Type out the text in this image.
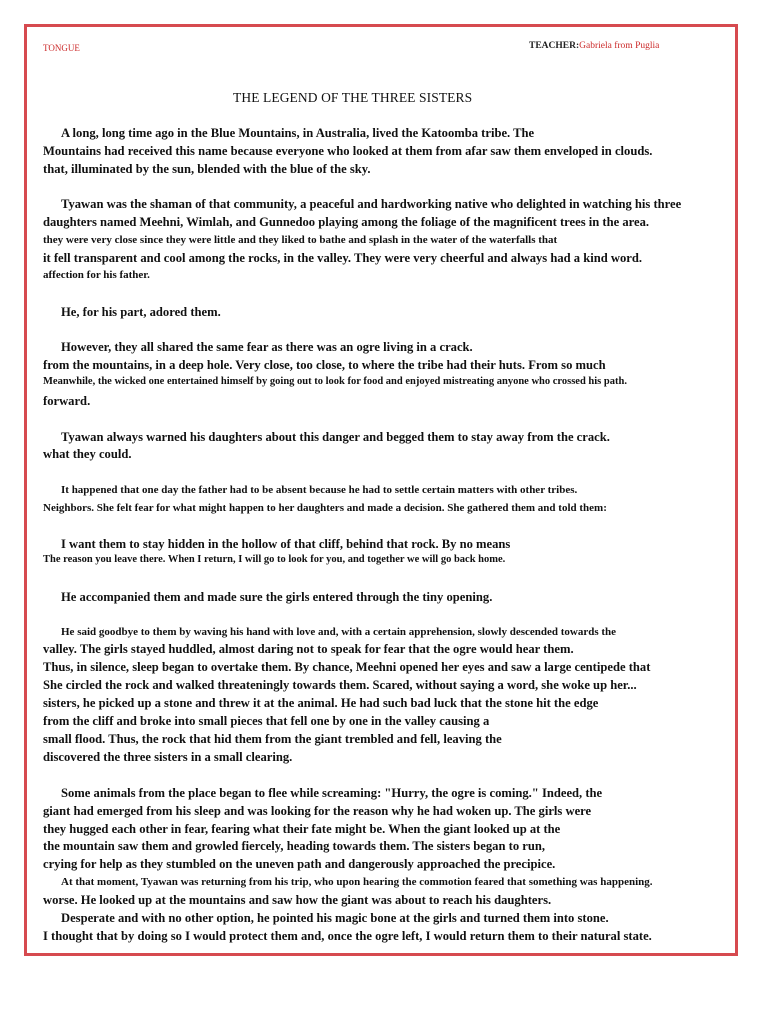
TONGUE	TEACHER:Gabriela from Puglia
THE LEGEND OF THE THREE SISTERS
A long, long time ago in the Blue Mountains, in Australia, lived the Katoomba tribe. The
Mountains had received this name because everyone who looked at them from afar saw them enveloped in clouds.
that, illuminated by the sun, blended with the blue of the sky.
Tyawan was the shaman of that community, a peaceful and hardworking native who delighted in watching his three
daughters named Meehni, Wimlah, and Gunnedoo playing among the foliage of the magnificent trees in the area.
they were very close since they were little and they liked to bathe and splash in the water of the waterfalls that
it fell transparent and cool among the rocks, in the valley. They were very cheerful and always had a kind word.
affection for his father.
He, for his part, adored them.
However, they all shared the same fear as there was an ogre living in a crack.
from the mountains, in a deep hole. Very close, too close, to where the tribe had their huts. From so much
Meanwhile, the wicked one entertained himself by going out to look for food and enjoyed mistreating anyone who crossed his path.
forward.
Tyawan always warned his daughters about this danger and begged them to stay away from the crack.
what they could.
It happened that one day the father had to be absent because he had to settle certain matters with other tribes.
Neighbors. She felt fear for what might happen to her daughters and made a decision. She gathered them and told them:
I want them to stay hidden in the hollow of that cliff, behind that rock. By no means
The reason you leave there. When I return, I will go to look for you, and together we will go back home.
He accompanied them and made sure the girls entered through the tiny opening.
He said goodbye to them by waving his hand with love and, with a certain apprehension, slowly descended towards the
valley. The girls stayed huddled, almost daring not to speak for fear that the ogre would hear them.
Thus, in silence, sleep began to overtake them. By chance, Meehni opened her eyes and saw a large centipede that
She circled the rock and walked threateningly towards them. Scared, without saying a word, she woke up her...
sisters, he picked up a stone and threw it at the animal. He had such bad luck that the stone hit the edge
from the cliff and broke into small pieces that fell one by one in the valley causing a
small flood. Thus, the rock that hid them from the giant trembled and fell, leaving the
discovered the three sisters in a small clearing.
Some animals from the place began to flee while screaming: "Hurry, the ogre is coming." Indeed, the
giant had emerged from his sleep and was looking for the reason why he had woken up. The girls were
they hugged each other in fear, fearing what their fate might be. When the giant looked up at the
the mountain saw them and growled fiercely, heading towards them. The sisters began to run,
crying for help as they stumbled on the uneven path and dangerously approached the precipice.
At that moment, Tyawan was returning from his trip, who upon hearing the commotion feared that something was happening.
worse. He looked up at the mountains and saw how the giant was about to reach his daughters.
Desperate and with no other option, he pointed his magic bone at the girls and turned them into stone.
I thought that by doing so I would protect them and, once the ogre left, I would return them to their natural state.
